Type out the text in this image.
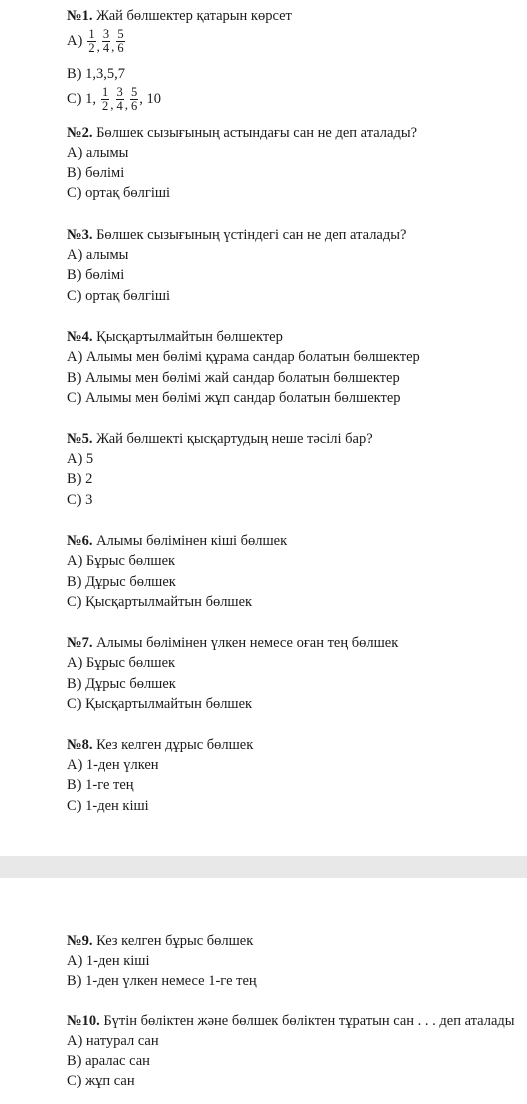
№1. Жай бөлшектер қатарын көрсет
$A) \frac{1}{2}$ , $\frac{3}{4}$ , $\frac{5}{6}$
B) 1,3,5,7
C) 1, $\frac{1}{2}$ , $\frac{3}{4}$ , $\frac{5}{6}$ , 10
№2. Бөлшек сызығының астындағы сан не деп аталады?
A) алымы
B) бөлімі
C) ортақ бөлгіші
№3. Бөлшек сызығының үстіндегі сан не деп аталады?
A) алымы
B) бөлімі
C) ортақ бөлгіші
№4. Қысқартылмайтын бөлшектер
A) Алымы мен бөлімі құрама сандар болатын бөлшектер
B) Алымы мен бөлімі жай сандар болатын бөлшектер
C) Алымы мен бөлімі жұп сандар болатын бөлшектер
№5. Жай бөлшекті қысқартудың неше тәсілі бар?
A) 5
B) 2
C) 3
№6. Алымы бөлімінен кіші бөлшек
A) Бұрыс бөлшек
B) Дұрыс бөлшек
C) Қысқартылмайтын бөлшек
№7. Алымы бөлімінен үлкен немесе оған тең бөлшек
A) Бұрыс бөлшек
B) Дұрыс бөлшек
C) Қысқартылмайтын бөлшек
№8. Кез келген дұрыс бөлшек
A) 1-ден үлкен
B) 1-ге тең
C) 1-ден кіші
№9. Кез келген бұрыс бөлшек
A) 1-ден кіші
B) 1-ден үлкен немесе 1-ге тең
№10. Бүтін бөліктен және бөлшек бөліктен тұратын сан . . . деп аталады
A) натурал сан
B) аралас сан
C) жұп сан
